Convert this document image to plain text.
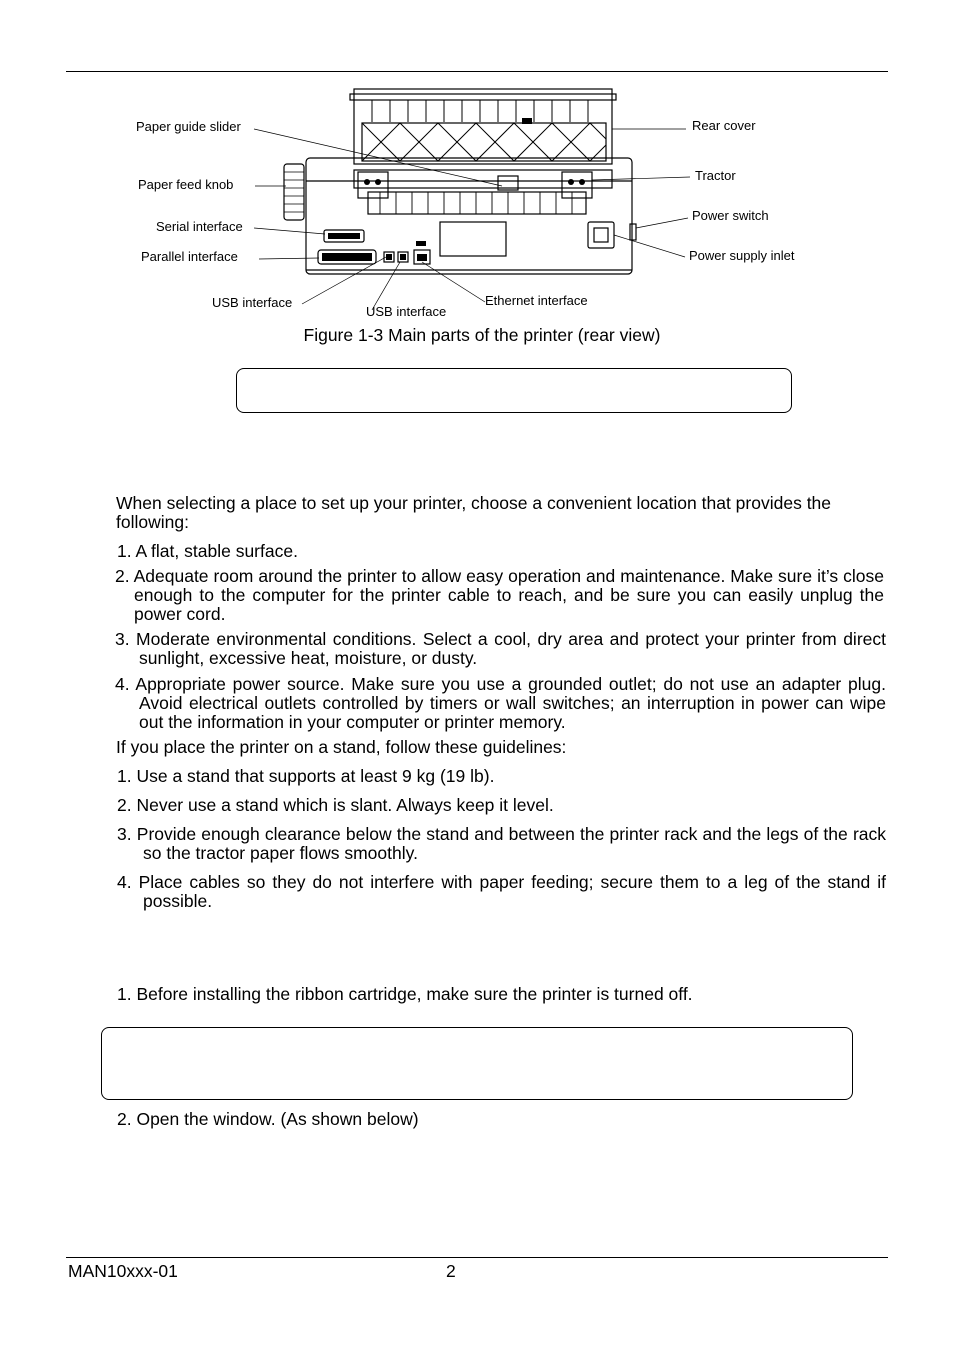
Paper guide slider
Paper feed knob
Serial interface
Parallel interface
USB interface
USB interface
Ethernet interface
Rear cover
Tractor
Power switch
Power supply inlet
Figure 1-3 Main parts of the printer (rear view)
When selecting a place to set up your printer, choose a convenient location that provides the following:
1. A flat, stable surface.
2. Adequate room around the printer to allow easy operation and maintenance. Make sure it’s close enough to the computer for the printer cable to reach, and be sure you can easily unplug the power cord.
3. Moderate environmental conditions. Select a cool, dry area and protect your printer from direct sunlight, excessive heat, moisture, or dusty.
4. Appropriate power source. Make sure you use a grounded outlet; do not use an adapter plug. Avoid electrical outlets controlled by timers or wall switches; an interruption in power can wipe out the information in your computer or printer memory.
If you place the printer on a stand, follow these guidelines:
1. Use a stand that supports at least 9 kg (19 lb).
2. Never use a stand which is slant. Always keep it level.
3. Provide enough clearance below the stand and between the printer rack and the legs of the rack so the tractor paper flows smoothly.
4. Place cables so they do not interfere with paper feeding; secure them to a leg of the stand if possible.
1. Before installing the ribbon cartridge, make sure the printer is turned off.
2. Open the window. (As shown below)
MAN10xxx-01	2
